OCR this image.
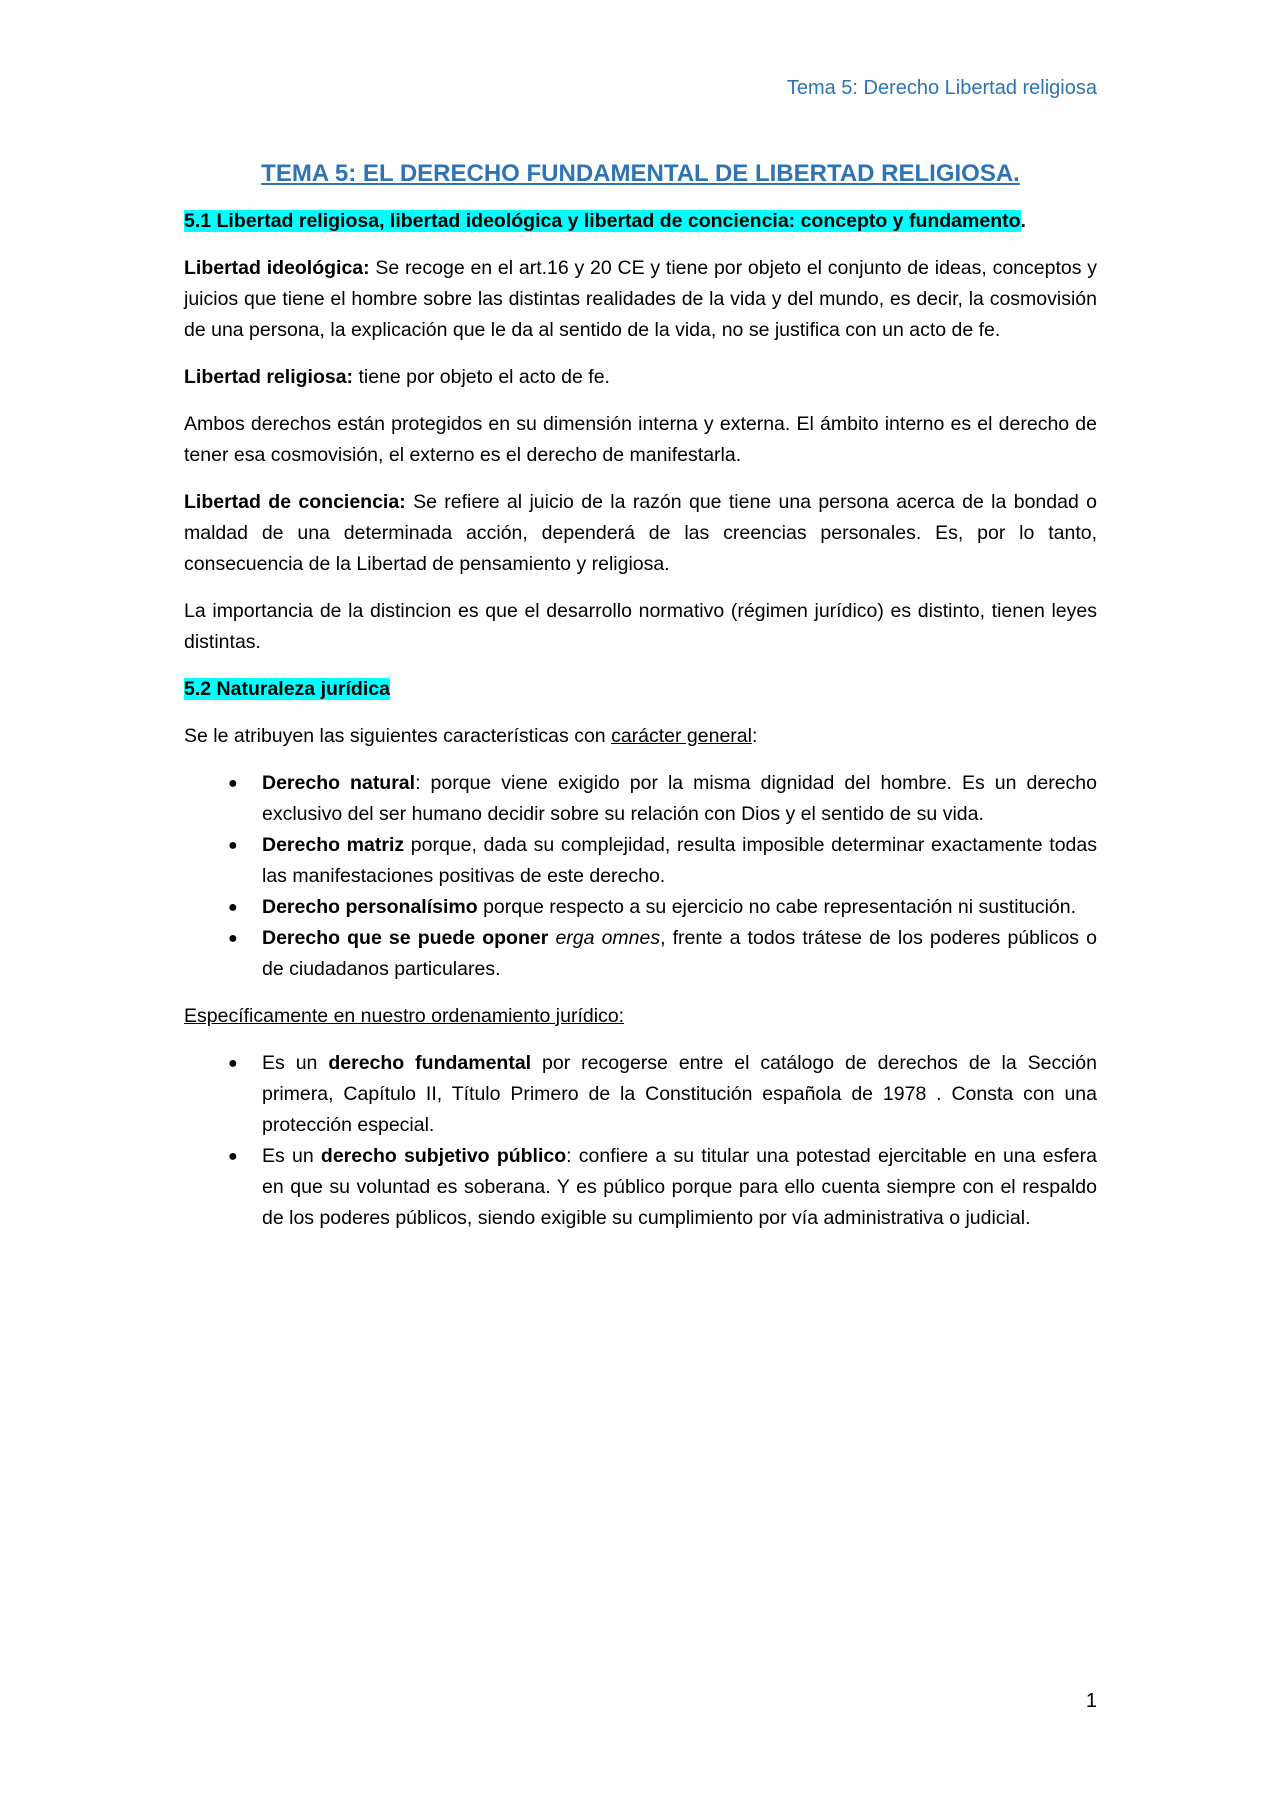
Tema 5: Derecho Libertad religiosa
TEMA 5: EL DERECHO FUNDAMENTAL DE LIBERTAD RELIGIOSA.
5.1 Libertad religiosa, libertad ideológica y libertad de conciencia: concepto y fundamento.

Libertad ideológica: Se recoge en el art.16 y 20 CE y tiene por objeto el conjunto de ideas, conceptos y juicios que tiene el hombre sobre las distintas realidades de la vida y del mundo, es decir, la cosmovisión de una persona, la explicación que le da al sentido de la vida, no se justifica con un acto de fe.

Libertad religiosa: tiene por objeto el acto de fe.

Ambos derechos están protegidos en su dimensión interna y externa. El ámbito interno es el derecho de tener esa cosmovisión, el externo es el derecho de manifestarla.

Libertad de conciencia: Se refiere al juicio de la razón que tiene una persona acerca de la bondad o maldad de una determinada acción, dependerá de las creencias personales. Es, por lo tanto, consecuencia de la Libertad de pensamiento y religiosa.

La importancia de la distincion es que el desarrollo normativo (régimen jurídico) es distinto, tienen leyes distintas.

5.2 Naturaleza jurídica

Se le atribuyen las siguientes características con carácter general:

● Derecho natural: porque viene exigido por la misma dignidad del hombre. Es un derecho exclusivo del ser humano decidir sobre su relación con Dios y el sentido de su vida.
● Derecho matriz porque, dada su complejidad, resulta imposible determinar exactamente todas las manifestaciones positivas de este derecho.
● Derecho personalísimo porque respecto a su ejercicio no cabe representación ni sustitución.
● Derecho que se puede oponer erga omnes, frente a todos trátese de los poderes públicos o de ciudadanos particulares.

Específicamente en nuestro ordenamiento jurídico:

● Es un derecho fundamental por recogerse entre el catálogo de derechos de la Sección primera, Capítulo II, Título Primero de la Constitución española de 1978 . Consta con una protección especial.
● Es un derecho subjetivo público: confiere a su titular una potestad ejercitable en una esfera en que su voluntad es soberana. Y es público porque para ello cuenta siempre con el respaldo de los poderes públicos, siendo exigible su cumplimiento por vía administrativa o judicial.
1
